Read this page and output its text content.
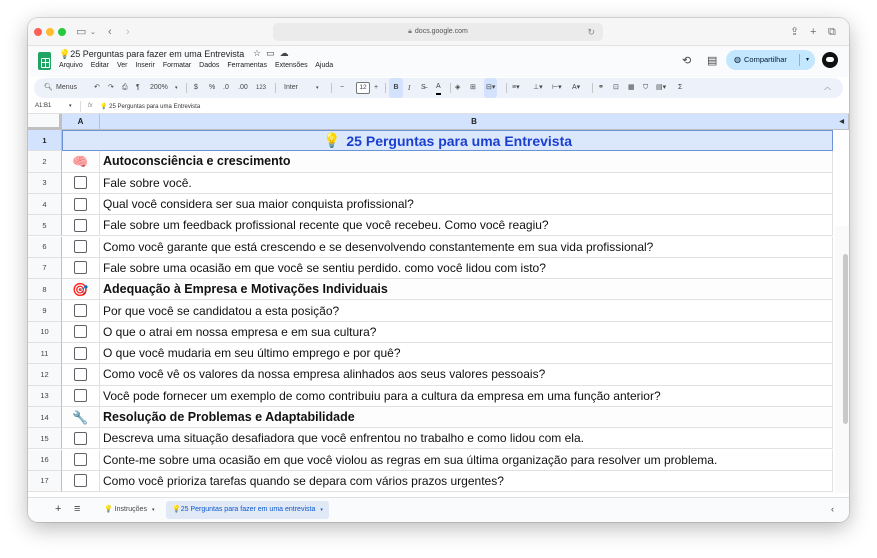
▭ ⌄ ‹ ›	🔒︎ docs.google.com	↻	⇪ + ⧉
💡25 Perguntas para fazer em uma Entrevista ☆▭☁
Arquivo Editar Ver Inserir Formatar Dados Ferramentas Extensões Ajuda	⟲ ▤	◍ Compartilhar	▾
🔍︎ Menus ↶ ↷ ⎙ ¶ 200% ▾ $ % .0 .00 123	Inter	▾	−	12	+	B	I S̶ A ◈ ⊞ ⊟▾ ≡▾ ⊥▾ ⊢▾ A▾	⚭ ⊡ ▦ ⛉ ▤▾ Σ	︿
A1:B1	▾	fx 💡 25 Perguntas para uma Entrevista
A	B	◀
1	💡 25 Perguntas para uma Entrevista
2	🧠 Autoconsciência e crescimento
3	Fale sobre você.
4	Qual você considera ser sua maior conquista profissional?
5	Fale sobre um feedback profissional recente que você recebeu. Como você reagiu?
6	Como você garante que está crescendo e se desenvolvendo constantemente em sua vida profissional?
7	Fale sobre uma ocasião em que você se sentiu perdido. como você lidou com isto?
8	🎯 Adequação à Empresa e Motivações Individuais
9	Por que você se candidatou a esta posição?
10	O que o atrai em nossa empresa e em sua cultura?
11	O que você mudaria em seu último emprego e por quê?
12	Como você vê os valores da nossa empresa alinhados aos seus valores pessoais?
13	Você pode fornecer um exemplo de como contribuiu para a cultura da empresa em uma função anterior?
14	🔧 Resolução de Problemas e Adaptabilidade
15	Descreva uma situação desafiadora que você enfrentou no trabalho e como lidou com ela.
16	Conte-me sobre uma ocasião em que você violou as regras em sua última organização para resolver um problema.
17	Como você prioriza tarefas quando se depara com vários prazos urgentes?
+ ≡	💡 Instruções ▾	💡25 Perguntas para fazer em uma entrevista ▾	‹
